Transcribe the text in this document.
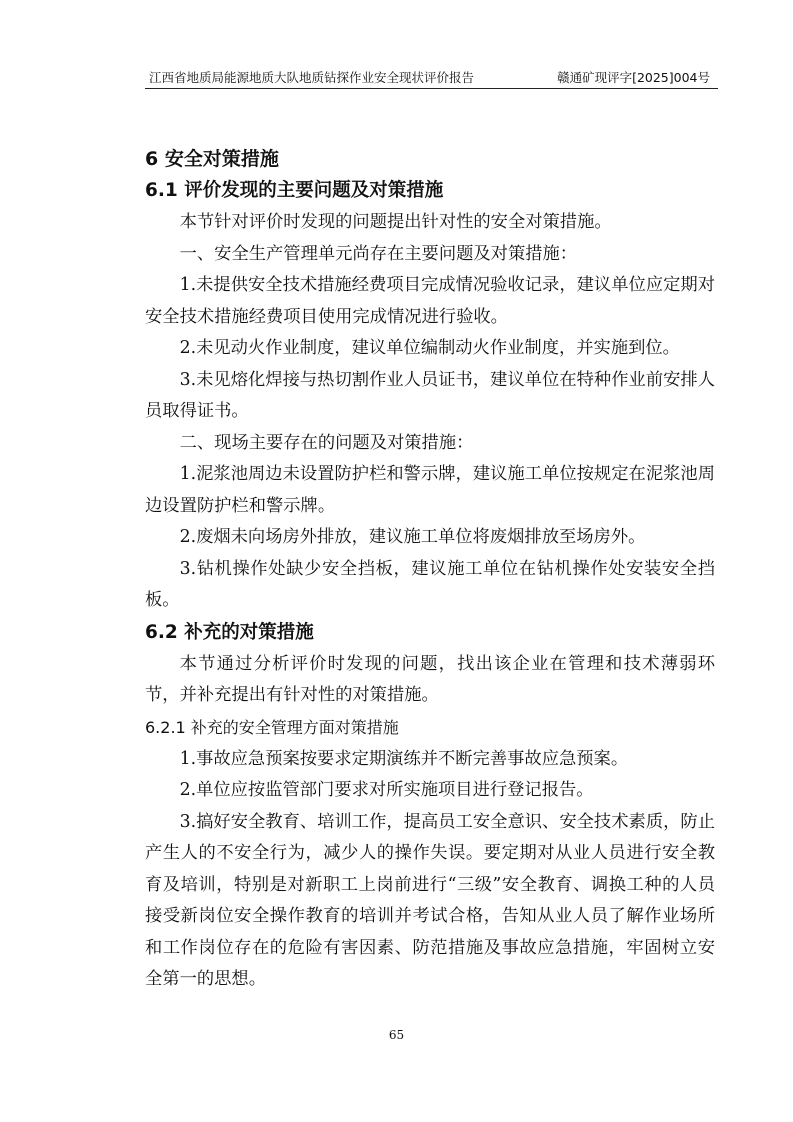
江西省地质局能源地质大队地质钻探作业安全现状评价报告	赣通矿现评字[2025]004号
6 安全对策措施
6.1 评价发现的主要问题及对策措施

本节针对评价时发现的问题提出针对性的安全对策措施。

一、安全生产管理单元尚存在主要问题及对策措施：

1.未提供安全技术措施经费项目完成情况验收记录，建议单位应定期对安全技术措施经费项目使用完成情况进行验收。

2.未见动火作业制度，建议单位编制动火作业制度，并实施到位。

3.未见熔化焊接与热切割作业人员证书，建议单位在特种作业前安排人员取得证书。

二、现场主要存在的问题及对策措施：

1.泥浆池周边未设置防护栏和警示牌，建议施工单位按规定在泥浆池周边设置防护栏和警示牌。

2.废烟未向场房外排放，建议施工单位将废烟排放至场房外。

3.钻机操作处缺少安全挡板，建议施工单位在钻机操作处安装安全挡板。

6.2 补充的对策措施

本节通过分析评价时发现的问题，找出该企业在管理和技术薄弱环节，并补充提出有针对性的对策措施。

6.2.1 补充的安全管理方面对策措施

1.事故应急预案按要求定期演练并不断完善事故应急预案。

2.单位应按监管部门要求对所实施项目进行登记报告。

3.搞好安全教育、培训工作，提高员工安全意识、安全技术素质，防止产生人的不安全行为，减少人的操作失误。要定期对从业人员进行安全教育及培训，特别是对新职工上岗前进行“三级”安全教育、调换工种的人员接受新岗位安全操作教育的培训并考试合格，告知从业人员了解作业场所和工作岗位存在的危险有害因素、防范措施及事故应急措施，牢固树立安全第一的思想。

65
